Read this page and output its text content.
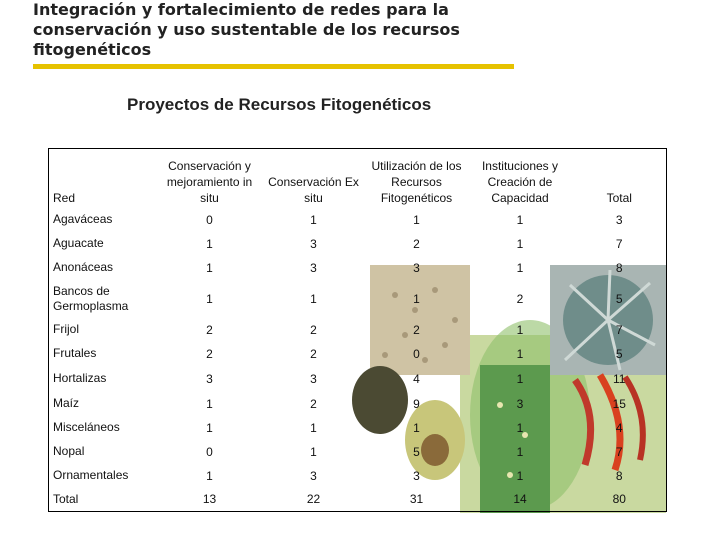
Integración y fortalecimiento de redes para la conservación y uso sustentable de los recursos fitogenéticos
Proyectos de Recursos Fitogenéticos
Red	Conservación y mejoramiento in situ	Conservación Ex situ	Utilización de los Recursos Fitogenéticos	Instituciones y Creación de Capacidad	Total
Agaváceas	0	1	1	1	3
Aguacate	1	3	2	1	7
Anonáceas	1	3	3	1	8
Bancos de Germoplasma	1	1	1	2	5
Frijol	2	2	2	1	7
Frutales	2	2	0	1	5
Hortalizas	3	3	4	1	11
Maíz	1	2	9	3	15
Misceláneos	1	1	1	1	4
Nopal	0	1	5	1	7
Ornamentales	1	3	3	1	8
Total	13	22	31	14	80
